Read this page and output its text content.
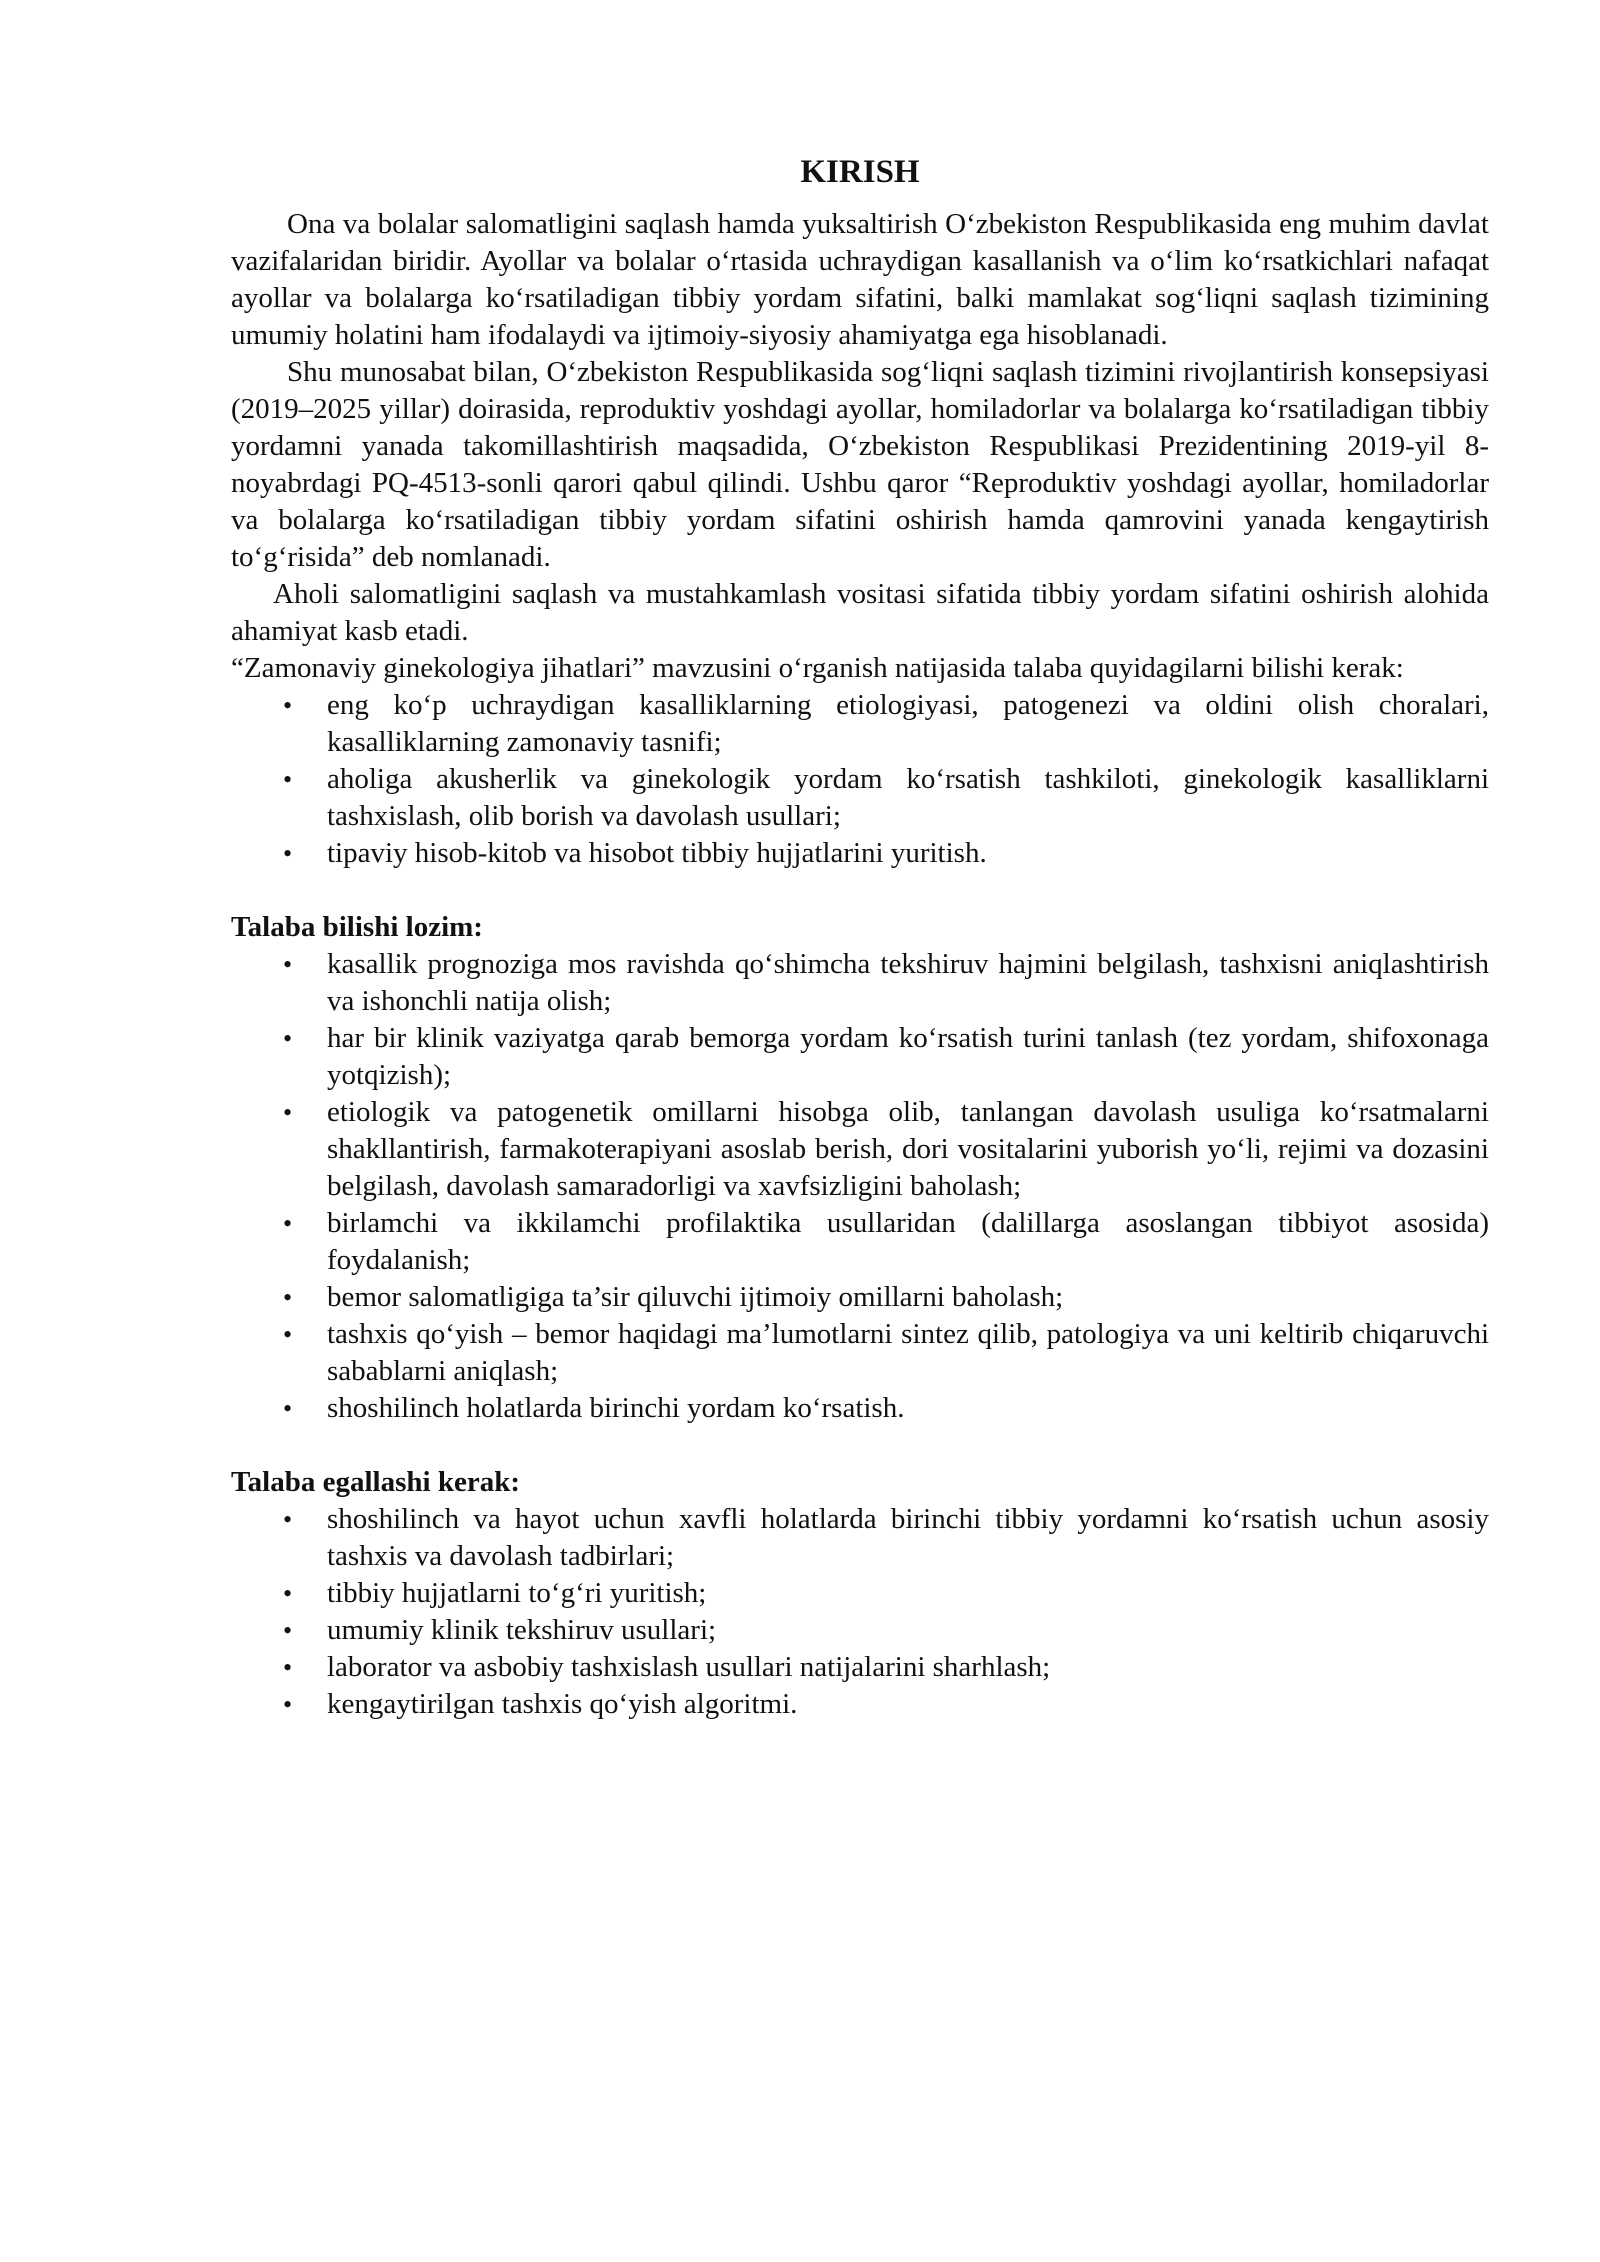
KIRISH

Ona va bolalar salomatligini saqlash hamda yuksaltirish O‘zbekiston Respublikasida eng muhim davlat vazifalaridan biridir. Ayollar va bolalar o‘rtasida uchraydigan kasallanish va o‘lim ko‘rsatkichlari nafaqat ayollar va bolalarga ko‘rsatiladigan tibbiy yordam sifatini, balki mamlakat sog‘liqni saqlash tizimining umumiy holatini ham ifodalaydi va ijtimoiy-siyosiy ahamiyatga ega hisoblanadi.

Shu munosabat bilan, O‘zbekiston Respublikasida sog‘liqni saqlash tizimini rivojlantirish konsepsiyasi (2019–2025 yillar) doirasida, reproduktiv yoshdagi ayollar, homiladorlar va bolalarga ko‘rsatiladigan tibbiy yordamni yanada takomillashtirish maqsadida, O‘zbekiston Respublikasi Prezidentining 2019-yil 8-noyabrdagi PQ-4513-sonli qarori qabul qilindi. Ushbu qaror “Reproduktiv yoshdagi ayollar, homiladorlar va bolalarga ko‘rsatiladigan tibbiy yordam sifatini oshirish hamda qamrovini yanada kengaytirish to‘g‘risida” deb nomlanadi.

Aholi salomatligini saqlash va mustahkamlash vositasi sifatida tibbiy yordam sifatini oshirish alohida ahamiyat kasb etadi.

“Zamonaviy ginekologiya jihatlari” mavzusini o‘rganish natijasida talaba quyidagilarni bilishi kerak:

• eng ko‘p uchraydigan kasalliklarning etiologiyasi, patogenezi va oldini olish choralari, kasalliklarning zamonaviy tasnifi;
• aholiga akusherlik va ginekologik yordam ko‘rsatish tashkiloti, ginekologik kasalliklarni tashxislash, olib borish va davolash usullari;
• tipaviy hisob-kitob va hisobot tibbiy hujjatlarini yuritish.

Talaba bilishi lozim:

• kasallik prognoziga mos ravishda qo‘shimcha tekshiruv hajmini belgilash, tashxisni aniqlashtirish va ishonchli natija olish;
• har bir klinik vaziyatga qarab bemorga yordam ko‘rsatish turini tanlash (tez yordam, shifoxonaga yotqizish);
• etiologik va patogenetik omillarni hisobga olib, tanlangan davolash usuliga ko‘rsatmalarni shakllantirish, farmakoterapiyani asoslab berish, dori vositalarini yuborish yo‘li, rejimi va dozasini belgilash, davolash samaradorligi va xavfsizligini baholash;
• birlamchi va ikkilamchi profilaktika usullaridan (dalillarga asoslangan tibbiyot asosida) foydalanish;
• bemor salomatligiga ta’sir qiluvchi ijtimoiy omillarni baholash;
• tashxis qo‘yish – bemor haqidagi ma’lumotlarni sintez qilib, patologiya va uni keltirib chiqaruvchi sabablarni aniqlash;
• shoshilinch holatlarda birinchi yordam ko‘rsatish.

Talaba egallashi kerak:

• shoshilinch va hayot uchun xavfli holatlarda birinchi tibbiy yordamni ko‘rsatish uchun asosiy tashxis va davolash tadbirlari;
• tibbiy hujjatlarni to‘g‘ri yuritish;
• umumiy klinik tekshiruv usullari;
• laborator va asbobiy tashxislash usullari natijalarini sharhlash;
• kengaytirilgan tashxis qo‘yish algoritmi.
